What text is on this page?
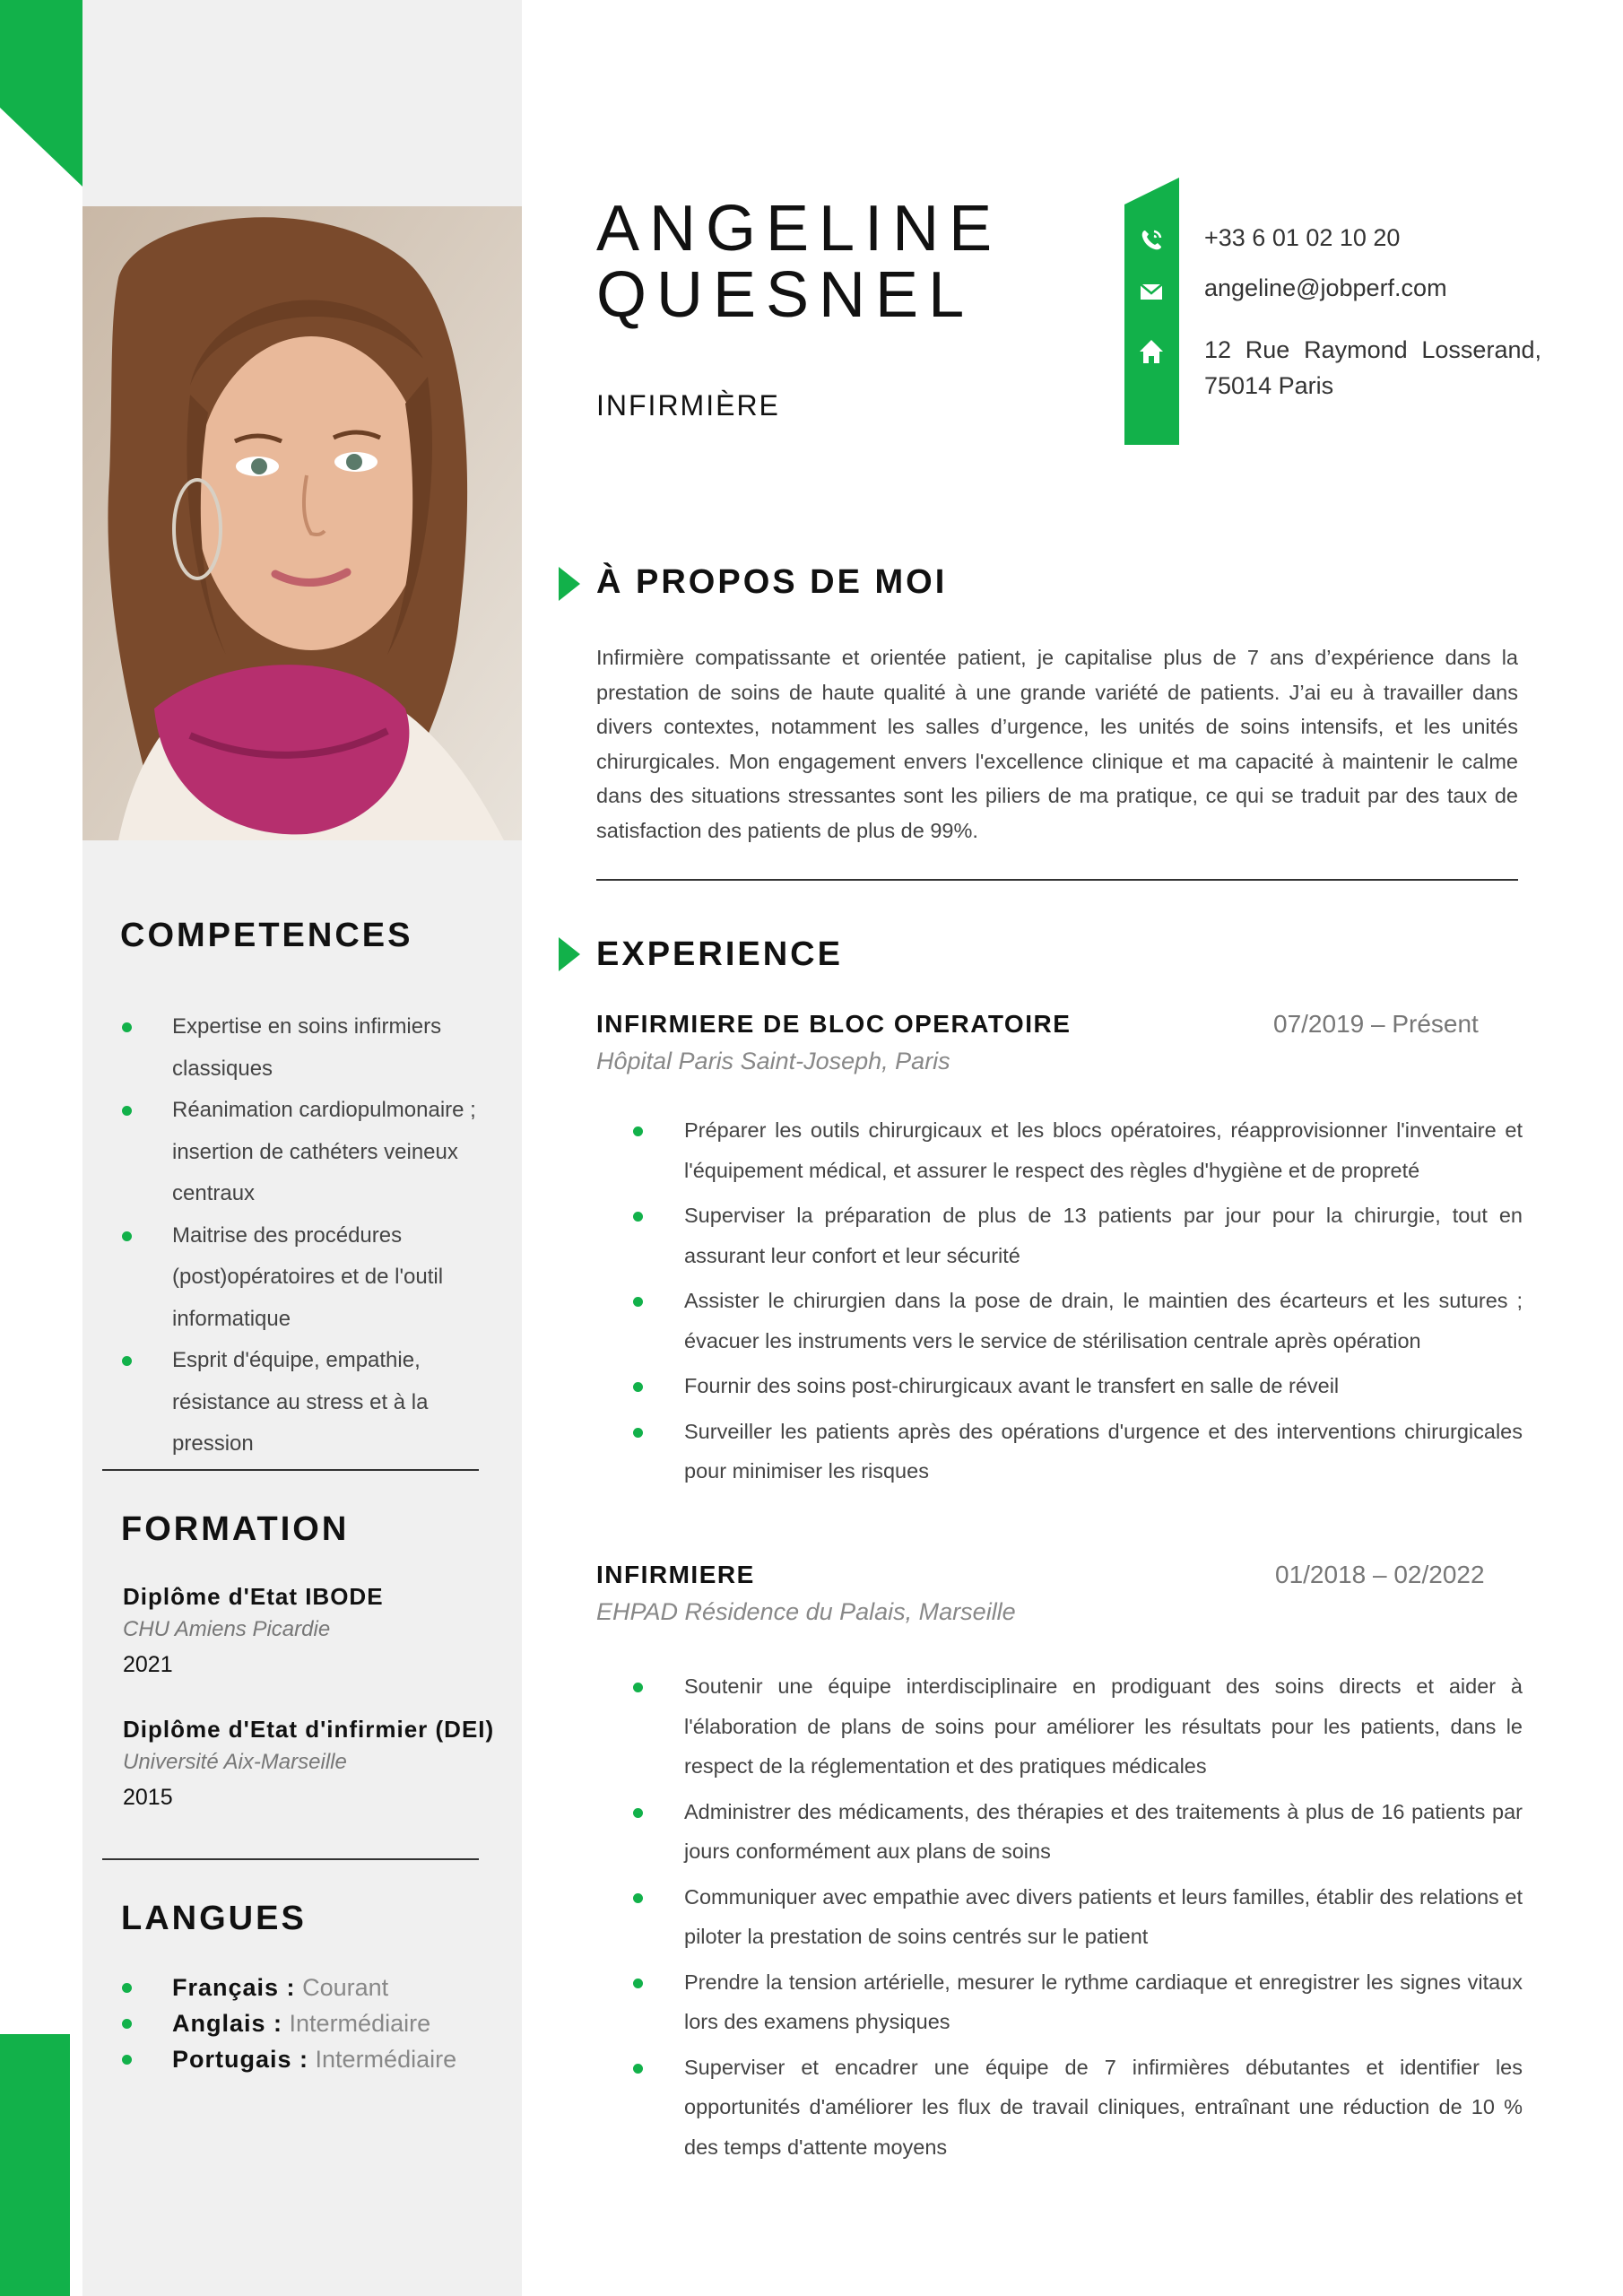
COMPETENCES
Expertise en soins infirmiers classiques
Réanimation cardiopulmonaire ; insertion de cathéters veineux centraux
Maitrise des procédures (post)opératoires et de l'outil informatique
Esprit d'équipe, empathie, résistance au stress et à la pression
FORMATION
Diplôme d'Etat IBODE
CHU Amiens Picardie
2021
Diplôme d'Etat d'infirmier (DEI)
Université Aix-Marseille
2015
LANGUES
Français : Courant
Anglais : Intermédiaire
Portugais : Intermédiaire
ANGELINE
QUESNEL
INFIRMIÈRE
+33 6 01 02 10 20
angeline@jobperf.com
12 Rue Raymond Losserand, 75014 Paris
À PROPOS DE MOI
Infirmière compatissante et orientée patient, je capitalise plus de 7 ans d’expérience dans la prestation de soins de haute qualité à une grande variété de patients. J’ai eu à travailler dans divers contextes, notamment les salles d’urgence, les unités de soins intensifs, et les unités chirurgicales. Mon engagement envers l'excellence clinique et ma capacité à maintenir le calme dans des situations stressantes sont les piliers de ma pratique, ce qui se traduit par des taux de satisfaction des patients de plus de 99%.
EXPERIENCE
INFIRMIERE DE BLOC OPERATOIRE	07/2019 – Présent
Hôpital Paris Saint-Joseph, Paris
Préparer les outils chirurgicaux et les blocs opératoires, réapprovisionner l'inventaire et l'équipement médical, et assurer le respect des règles d'hygiène et de propreté
Superviser la préparation de plus de 13 patients par jour pour la chirurgie, tout en assurant leur confort et leur sécurité
Assister le chirurgien dans la pose de drain, le maintien des écarteurs et les sutures ; évacuer les instruments vers le service de stérilisation centrale après opération
Fournir des soins post-chirurgicaux avant le transfert en salle de réveil
Surveiller les patients après des opérations d'urgence et des interventions chirurgicales pour minimiser les risques
INFIRMIERE	01/2018 – 02/2022
EHPAD Résidence du Palais, Marseille
Soutenir une équipe interdisciplinaire en prodiguant des soins directs et aider à l'élaboration de plans de soins pour améliorer les résultats pour les patients, dans le respect de la réglementation et des pratiques médicales
Administrer des médicaments, des thérapies et des traitements à plus de 16 patients par jours conformément aux plans de soins
Communiquer avec empathie avec divers patients et leurs familles, établir des relations et piloter la prestation de soins centrés sur le patient
Prendre la tension artérielle, mesurer le rythme cardiaque et enregistrer les signes vitaux lors des examens physiques
Superviser et encadrer une équipe de 7 infirmières débutantes et identifier les opportunités d'améliorer les flux de travail cliniques, entraînant une réduction de 10 % des temps d'attente moyens
